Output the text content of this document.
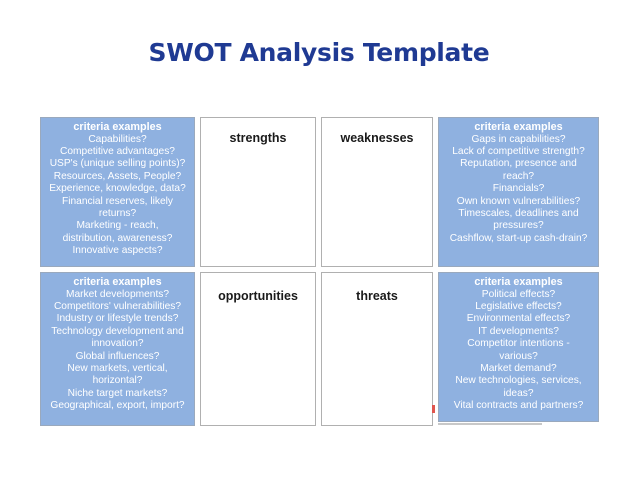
SWOT Analysis Template
criteria examples
Capabilities?
Competitive advantages?
USP's (unique selling points)?
Resources, Assets, People?
Experience, knowledge, data?
Financial reserves, likely
returns?
Marketing - reach,
distribution, awareness?
Innovative aspects?
strengths	weaknesses
criteria examples
Gaps in capabilities?
Lack of competitive strength?
Reputation, presence and
reach?
Financials?
Own known vulnerabilities?
Timescales, deadlines and
pressures?
Cashflow, start-up cash-drain?
criteria examples
Market developments?
Competitors' vulnerabilities?
Industry or lifestyle trends?
Technology development and
innovation?
Global influences?
New markets, vertical,
horizontal?
Niche target markets?
Geographical, export, import?
opportunities	threats
criteria examples
Political effects?
Legislative effects?
Environmental effects?
IT developments?
Competitor intentions -
various?
Market demand?
New technologies, services,
ideas?
Vital contracts and partners?
